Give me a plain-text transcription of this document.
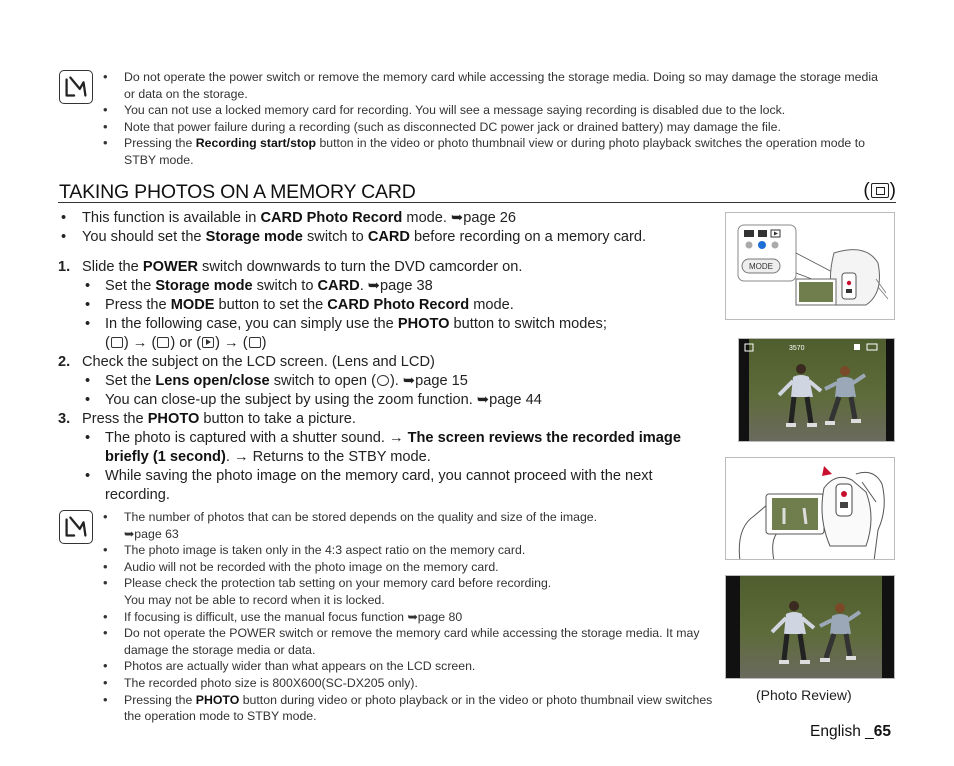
• Do not operate the power switch or remove the memory card while accessing the storage media. Doing so may damage the storage media or data on the storage.
• You can not use a locked memory card for recording. You will see a message saying recording is disabled due to the lock.
• Note that power failure during a recording (such as disconnected DC power jack or drained battery) may damage the file.
• Pressing the Recording start/stop button in the video or photo thumbnail view or during photo playback switches the operation mode to STBY mode.
TAKING PHOTOS ON A MEMORY CARD	( )
• This function is available in CARD Photo Record mode. ➥page 26
• You should set the Storage mode switch to CARD before recording on a memory card.
1. Slide the POWER switch downwards to turn the DVD camcorder on.
• Set the Storage mode switch to CARD. ➥page 38
• Press the MODE button to set the CARD Photo Record mode.
• In the following case, you can simply use the PHOTO button to switch modes;
( ) → ( ) or ( ) → ( )
2. Check the subject on the LCD screen. (Lens and LCD)
• Set the Lens open/close switch to open ( ). ➥page 15
• You can close-up the subject by using the zoom function. ➥page 44
3. Press the PHOTO button to take a picture.
• The photo is captured with a shutter sound. → The screen reviews the recorded image briefly (1 second). → Returns to the STBY mode.
• While saving the photo image on the memory card, you cannot proceed with the next recording.
• The number of photos that can be stored depends on the quality and size of the image.
➥page 63
• The photo image is taken only in the 4:3 aspect ratio on the memory card.
• Audio will not be recorded with the photo image on the memory card.
• Please check the protection tab setting on your memory card before recording.
You may not be able to record when it is locked.
• If focusing is difficult, use the manual focus function ➥page 80
• Do not operate the POWER switch or remove the memory card while accessing the storage media. It may damage the storage media or data.
• Photos are actually wider than what appears on the LCD screen.
• The recorded photo size is 800X600(SC-DX205 only).
• Pressing the PHOTO button during video or photo playback or in the video or photo thumbnail view switches the operation mode to STBY mode.
MODE
3570
(Photo Review)
English _65
